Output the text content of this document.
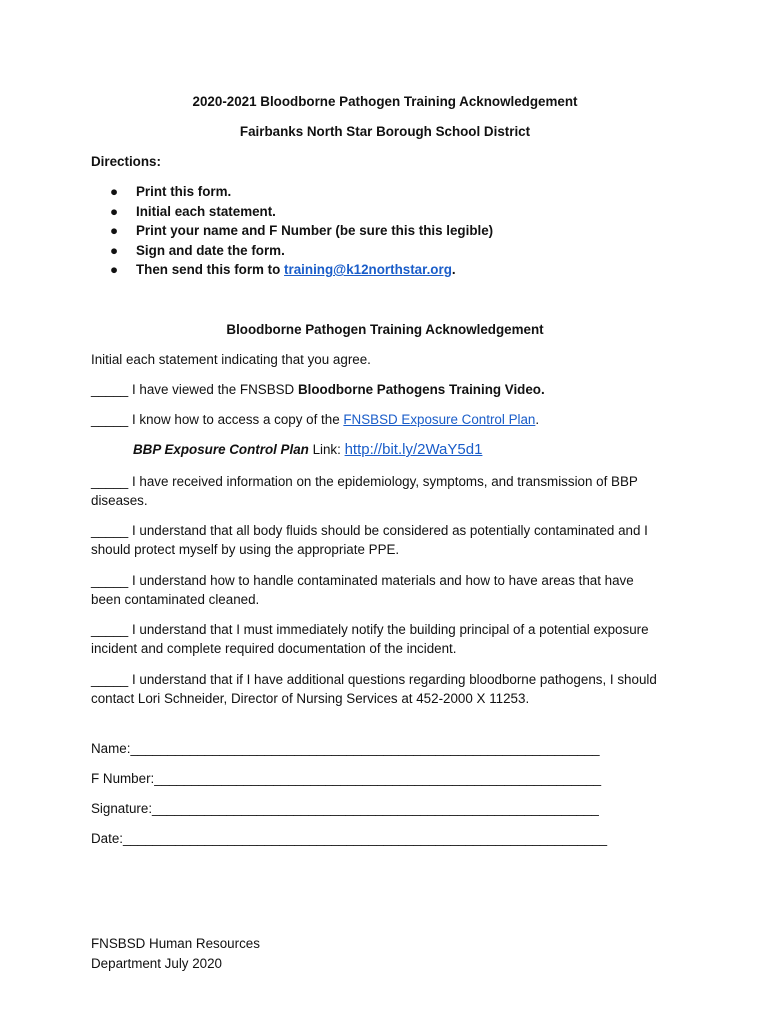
2020-2021 Bloodborne Pathogen Training Acknowledgement
Fairbanks North Star Borough School District
Directions:
● Print this form.
● Initial each statement.
● Print your name and F Number (be sure this this legible)
● Sign and date the form.
● Then send this form to training@k12northstar.org.
Bloodborne Pathogen Training Acknowledgement
Initial each statement indicating that you agree.
_____ I have viewed the FNSBSD Bloodborne Pathogens Training Video.
_____ I know how to access a copy of the FNSBSD Exposure Control Plan.
BBP Exposure Control Plan Link: http://bit.ly/2WaY5d1
_____ I have received information on the epidemiology, symptoms, and transmission of BBP diseases.
_____ I understand that all body fluids should be considered as potentially contaminated and I should protect myself by using the appropriate PPE.
_____ I understand how to handle contaminated materials and how to have areas that have been contaminated cleaned.
_____ I understand that I must immediately notify the building principal of a potential exposure incident and complete required documentation of the incident.
_____ I understand that if I have additional questions regarding bloodborne pathogens, I should contact Lori Schneider, Director of Nursing Services at 452-2000 X 11253.
Name:_______________________________________________________________
F Number:____________________________________________________________
Signature:____________________________________________________________
Date:_________________________________________________________________
FNSBSD Human Resources
Department July 2020
